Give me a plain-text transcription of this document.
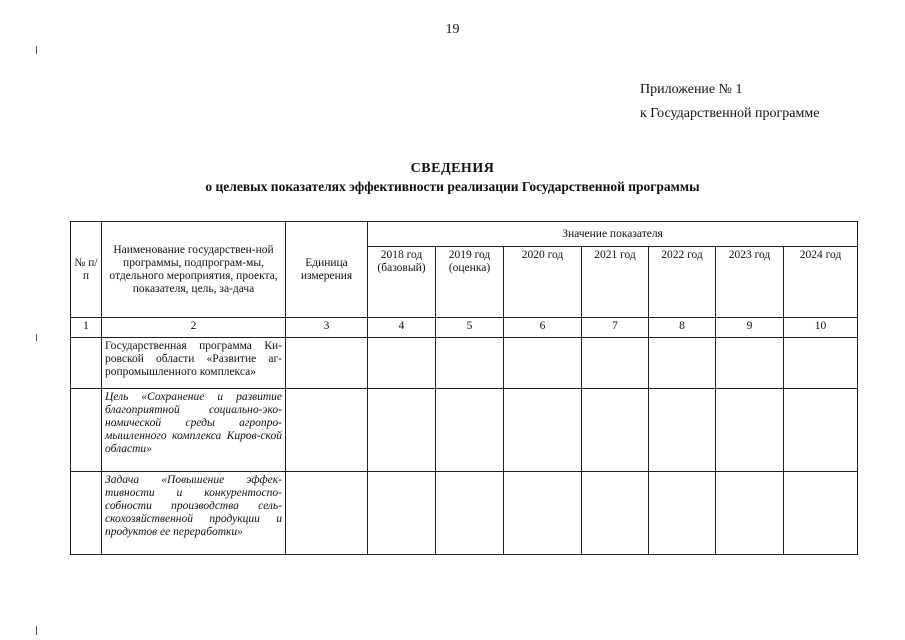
19
Приложение № 1
к Государственной программе
СВЕДЕНИЯ
о целевых показателях эффективности реализации Государственной программы
№ п/п	Наименование государствен-ной программы, подпрограм-мы, отдельного мероприятия, проекта, показателя, цель, за-дача	Единица измерения	Значение показателя						
			2018 год (базовый)	2019 год (оценка)	2020 год	2021 год	2022 год	2023 год	2024 год
1	2	3	4	5	6	7	8	9	10
	Государственная программа Ки-ровской области «Развитие аг-ропромышленного комплекса»								
	Цель «Сохранение и развитие благоприятной социально-эко-номической среды агропро-мышленного комплекса Киров-ской области»								
	Задача «Повышение эффек-тивности и конкурентоспо-собности производства сель-скохозяйственной продукции и продуктов ее переработки»								
